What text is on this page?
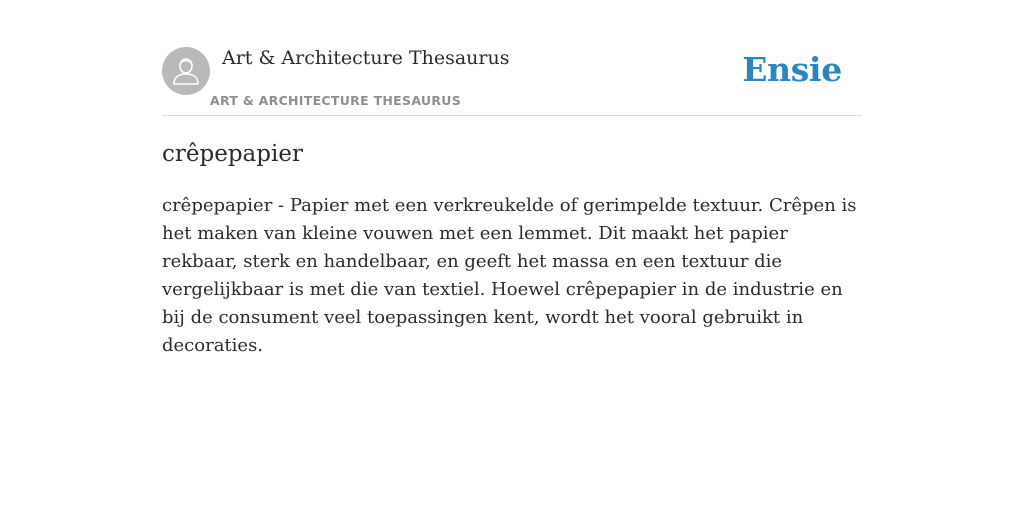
Art & Architecture Thesaurus
ART & ARCHITECTURE THESAURUS
Ensie
crêpepapier

crêpepapier - Papier met een verkreukelde of gerimpelde textuur. Crêpen is het maken van kleine vouwen met een lemmet. Dit maakt het papier rekbaar, sterk en handelbaar, en geeft het massa en een textuur die vergelijkbaar is met die van textiel. Hoewel crêpepapier in de industrie en bij de consument veel toepassingen kent, wordt het vooral gebruikt in decoraties.
